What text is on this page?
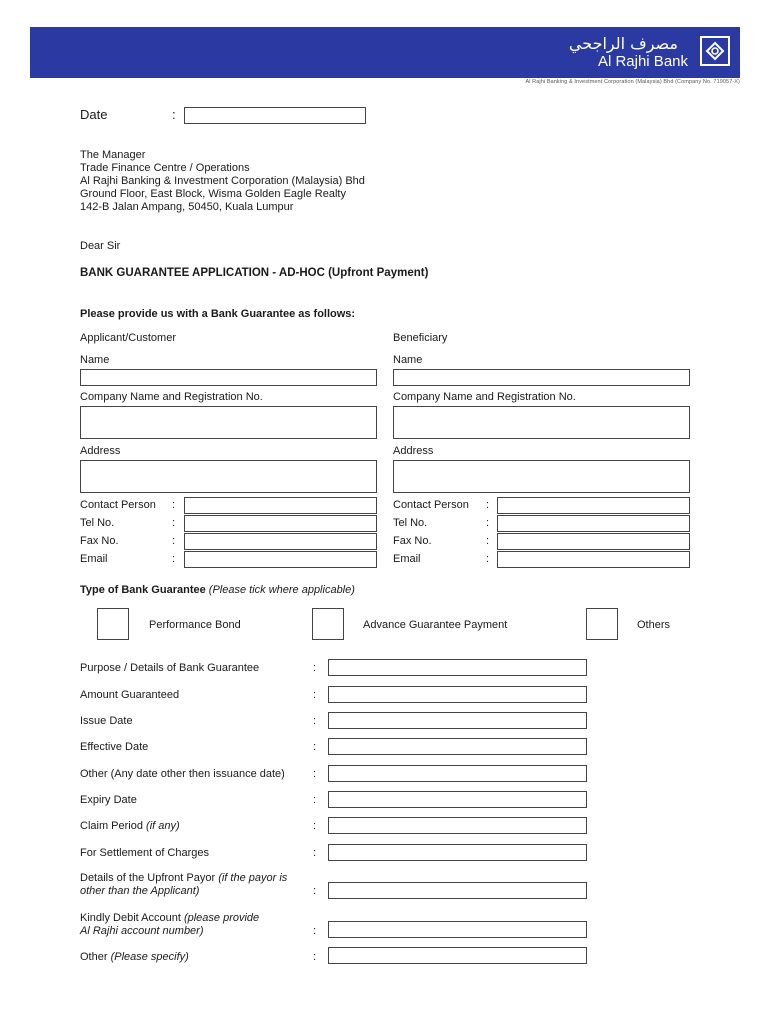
مصرف الراجحي
Al Rajhi Bank
Al Rajhi Banking & Investment Corporation (Malaysia) Bhd (Company No. 719057-X)
Date	:
The Manager
Trade Finance Centre / Operations
Al Rajhi Banking & Investment Corporation (Malaysia) Bhd
Ground Floor, East Block, Wisma Golden Eagle Realty
142-B Jalan Ampang, 50450, Kuala Lumpur
Dear Sir
BANK GUARANTEE APPLICATION - AD-HOC (Upfront Payment)
Please provide us with a Bank Guarantee as follows:
Applicant/Customer
Name
Company Name and Registration No.
Address
Contact Person :
Tel No.	:
Fax No.	:
Email	:
Beneficiary
Name
Company Name and Registration No.
Address
Contact Person :
Tel No.	:
Fax No.	:
Email	:
Type of Bank Guarantee (Please tick where applicable)
Performance Bond	Advance Guarantee Payment	Others
Purpose / Details of Bank Guarantee	:
Amount Guaranteed	:
Issue Date	:
Effective Date	:
Other (Any date other then issuance date)	:
Expiry Date	:
Claim Period (if any)	:
For Settlement of Charges	:
Details of the Upfront Payor (if the payor is
other than the Applicant)	:
Kindly Debit Account (please provide
Al Rajhi account number)	:
Other (Please specify)	:
